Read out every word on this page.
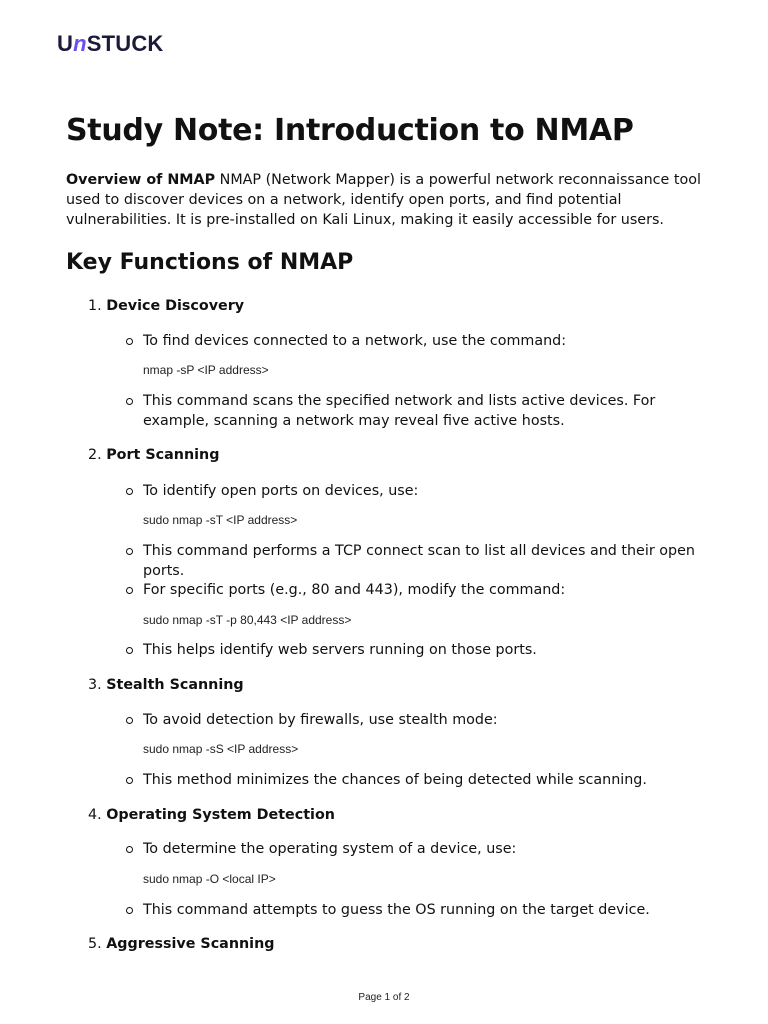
UnSTUCK
Study Note: Introduction to NMAP

Overview of NMAP NMAP (Network Mapper) is a powerful network reconnaissance tool used to discover devices on a network, identify open ports, and find potential vulnerabilities. It is pre-installed on Kali Linux, making it easily accessible for users.

Key Functions of NMAP
1. Device Discovery
To find devices connected to a network, use the command:
nmap -sP <IP address>
This command scans the specified network and lists active devices. For example, scanning a network may reveal five active hosts.
2. Port Scanning
To identify open ports on devices, use:
sudo nmap -sT <IP address>
This command performs a TCP connect scan to list all devices and their open ports.
For specific ports (e.g., 80 and 443), modify the command:
sudo nmap -sT -p 80,443 <IP address>
This helps identify web servers running on those ports.
3. Stealth Scanning
To avoid detection by firewalls, use stealth mode:
sudo nmap -sS <IP address>
This method minimizes the chances of being detected while scanning.
4. Operating System Detection
To determine the operating system of a device, use:
sudo nmap -O <local IP>
This command attempts to guess the OS running on the target device.
5. Aggressive Scanning
Page 1 of 2
